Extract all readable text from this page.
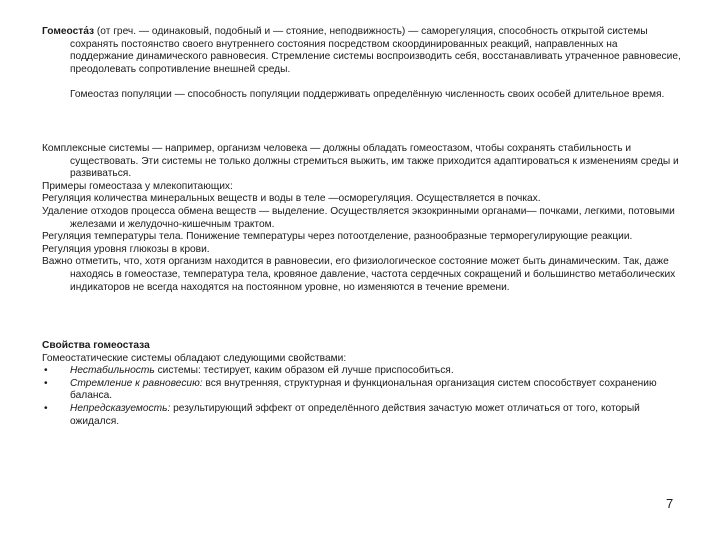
Гомеоста́з (от греч. — одинаковый, подобный и — стояние, неподвижность) — саморегуляция, способность открытой системы сохранять постоянство своего внутреннего состояния посредством скоординированных реакций, направленных на поддержание динамического равновесия. Стремление системы воспроизводить себя, восстанавливать утраченное равновесие, преодолевать сопротивление внешней среды.

Гомеостаз популяции — способность популяции поддерживать определённую численность своих особей длительное время.

Комплексные системы — например, организм человека — должны обладать гомеостазом, чтобы сохранять стабильность и существовать. Эти системы не только должны стремиться выжить, им также приходится адаптироваться к изменениям среды и развиваться.

Примеры гомеостаза у млекопитающих:

Регуляция количества минеральных веществ и воды в теле —осморегуляция. Осуществляется в почках.

Удаление отходов процесса обмена веществ — выделение. Осуществляется экзокринными органами— почками, легкими, потовыми железами и желудочно-кишечным трактом.

Регуляция температуры тела. Понижение температуры через потоотделение, разнообразные терморегулирующие реакции.

Регуляция уровня глюкозы в крови.

Важно отметить, что, хотя организм находится в равновесии, его физиологическое состояние может быть динамическим. Так, даже находясь в гомеостазе, температура тела, кровяное давление, частота сердечных сокращений и большинство метаболических индикаторов не всегда находятся на постоянном уровне, но изменяются в течение времени.

Свойства гомеостаза

Гомеостатические системы обладают следующими свойствами:

• Нестабильность системы: тестирует, каким образом ей лучше приспособиться.

• Стремление к равновесию: вся внутренняя, структурная и функциональная организация систем способствует сохранению баланса.

• Непредсказуемость: результирующий эффект от определённого действия зачастую может отличаться от того, который ожидался.

7
